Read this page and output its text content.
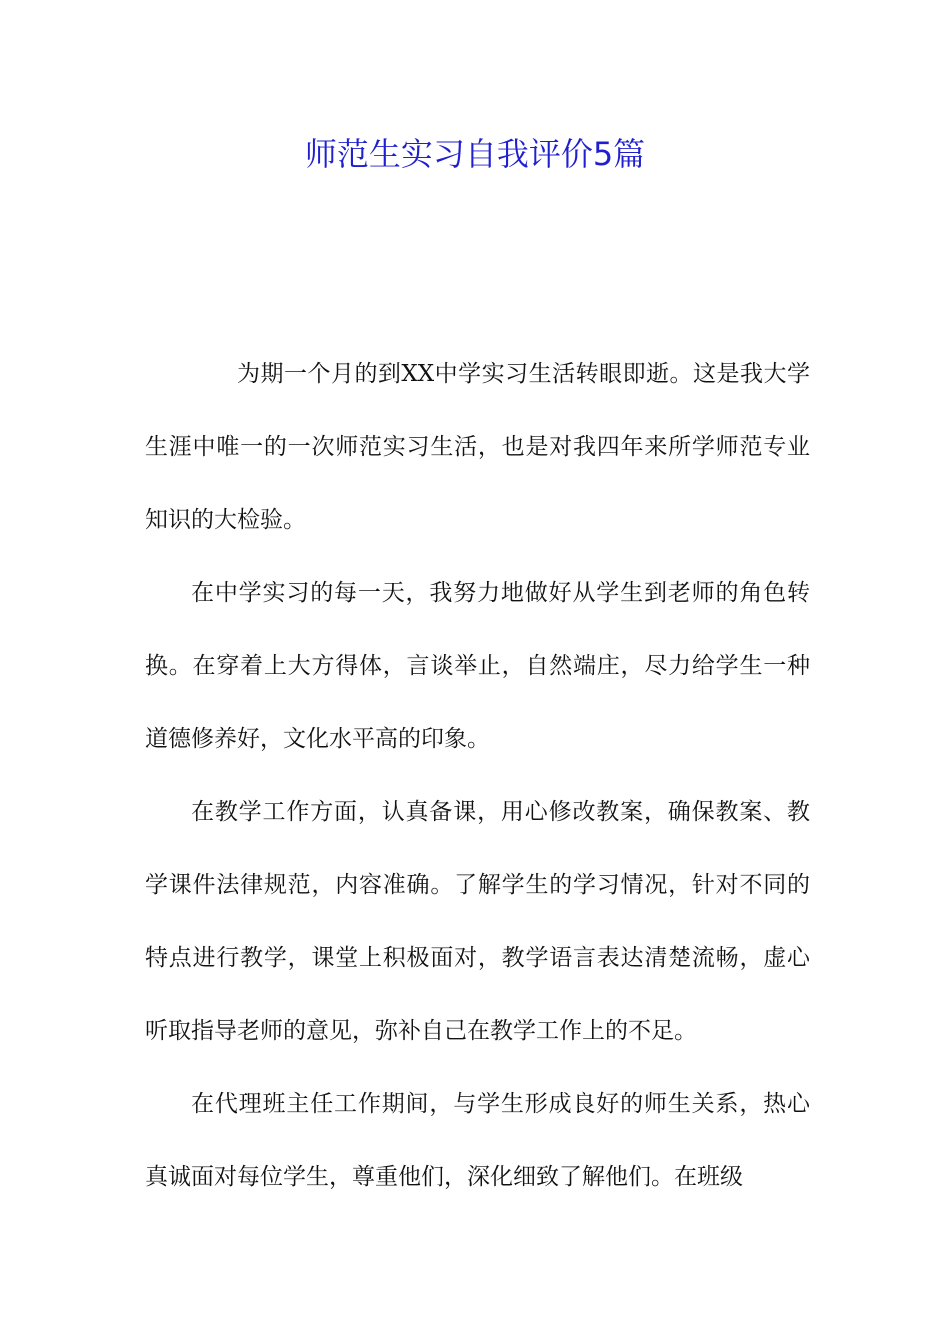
师范生实习自我评价5篇

为期一个月的到XX中学实习生活转眼即逝。这是我大学生涯中唯一的一次师范实习生活，也是对我四年来所学师范专业知识的大检验。

在中学实习的每一天，我努力地做好从学生到老师的角色转换。在穿着上大方得体，言谈举止，自然端庄，尽力给学生一种道德修养好，文化水平高的印象。

在教学工作方面，认真备课，用心修改教案，确保教案、教学课件法律规范，内容准确。了解学生的学习情况，针对不同的特点进行教学，课堂上积极面对，教学语言表达清楚流畅，虚心听取指导老师的意见，弥补自己在教学工作上的不足。

在代理班主任工作期间，与学生形成良好的师生关系，热心真诚面对每位学生，尊重他们，深化细致了解他们。在班级
